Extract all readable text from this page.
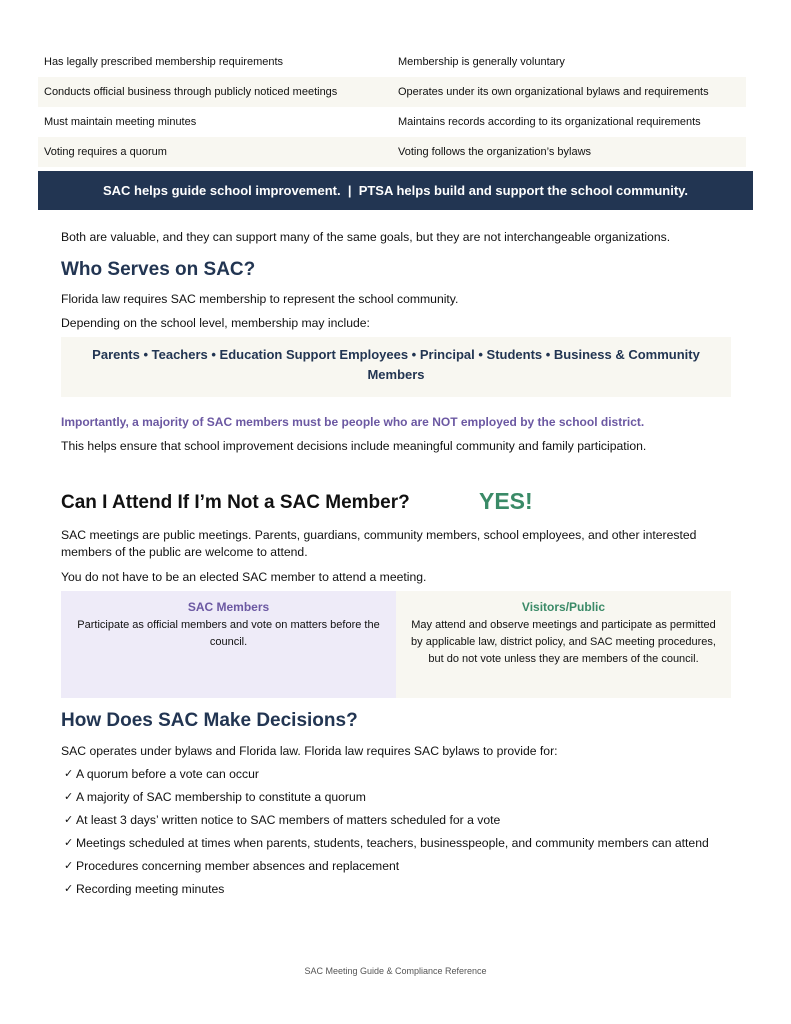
Has legally prescribed membership requirements	Membership is generally voluntary
Conducts official business through publicly noticed meetings	Operates under its own organizational bylaws and requirements
Must maintain meeting minutes	Maintains records according to its organizational requirements
Voting requires a quorum	Voting follows the organization’s bylaws
SAC helps guide school improvement.  |  PTSA helps build and support the school community.

Both are valuable, and they can support many of the same goals, but they are not interchangeable organizations.

Who Serves on SAC?

Florida law requires SAC membership to represent the school community.

Depending on the school level, membership may include:

Parents • Teachers • Education Support Employees • Principal • Students • Business & Community Members

Importantly, a majority of SAC members must be people who are NOT employed by the school district.

This helps ensure that school improvement decisions include meaningful community and family participation.

Can I Attend If I’m Not a SAC Member?	YES!

SAC meetings are public meetings. Parents, guardians, community members, school employees, and other interested members of the public are welcome to attend.

You do not have to be an elected SAC member to attend a meeting.

SAC Members
Participate as official members and vote on matters before the council.
Visitors/Public
May attend and observe meetings and participate as permitted by applicable law, district policy, and SAC meeting procedures, but do not vote unless they are members of the council.
How Does SAC Make Decisions?

SAC operates under bylaws and Florida law. Florida law requires SAC bylaws to provide for:

✓ A quorum before a vote can occur
✓ A majority of SAC membership to constitute a quorum
✓ At least 3 days’ written notice to SAC members of matters scheduled for a vote
✓ Meetings scheduled at times when parents, students, teachers, businesspeople, and community members can attend
✓ Procedures concerning member absences and replacement
✓ Recording meeting minutes
SAC Meeting Guide & Compliance Reference
